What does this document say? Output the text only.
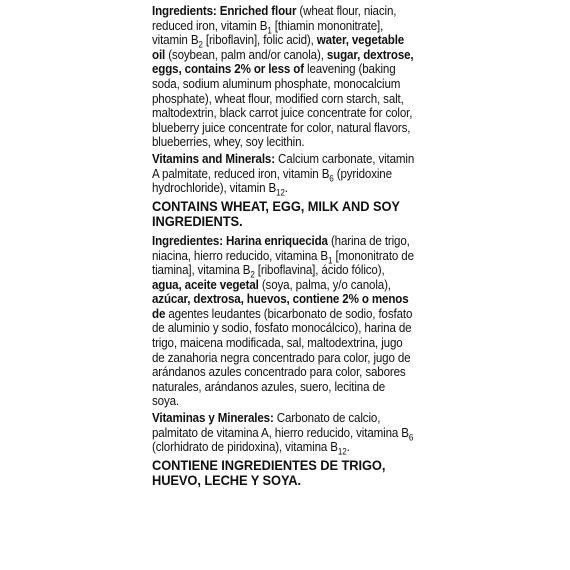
Ingredients: Enriched flour (wheat flour, niacin, reduced iron, vitamin $B_1$ [thiamin mononitrate], vitamin $B_2$ [riboflavin], folic acid), water, vegetable oil (soybean, palm and/or canola), sugar, dextrose, eggs, contains 2% or less of leavening (baking soda, sodium aluminum phosphate, monocalcium phosphate), wheat flour, modified corn starch, salt, maltodextrin, black carrot juice concentrate for color, blueberry juice concentrate for color, natural flavors, blueberries, whey, soy lecithin.

Vitamins and Minerals: Calcium carbonate, vitamin A palmitate, reduced iron, vitamin $B_6$ (pyridoxine hydrochloride), vitamin $B_{12}$.

CONTAINS WHEAT, EGG, MILK AND SOY INGREDIENTS.

Ingredientes: Harina enriquecida (harina de trigo, niacina, hierro reducido, vitamina $B_1$ [mononitrato de tiamina], vitamina $B_2$ [riboflavina], ácido fólico), agua, aceite vegetal (soya, palma, y/o canola), azúcar, dextrosa, huevos, contiene 2% o menos de agentes leudantes (bicarbonato de sodio, fosfato de aluminio y sodio, fosfato monocálcico), harina de trigo, maicena modificada, sal, maltodextrina, jugo de zanahoria negra concentrado para color, jugo de arándanos azules concentrado para color, sabores naturales, arándanos azules, suero, lecitina de soya.

Vitaminas y Minerales: Carbonato de calcio, palmitato de vitamina A, hierro reducido, vitamina $B_6$ (clorhidrato de piridoxina), vitamina $B_{12}$.

CONTIENE INGREDIENTES DE TRIGO, HUEVO, LECHE Y SOYA.
